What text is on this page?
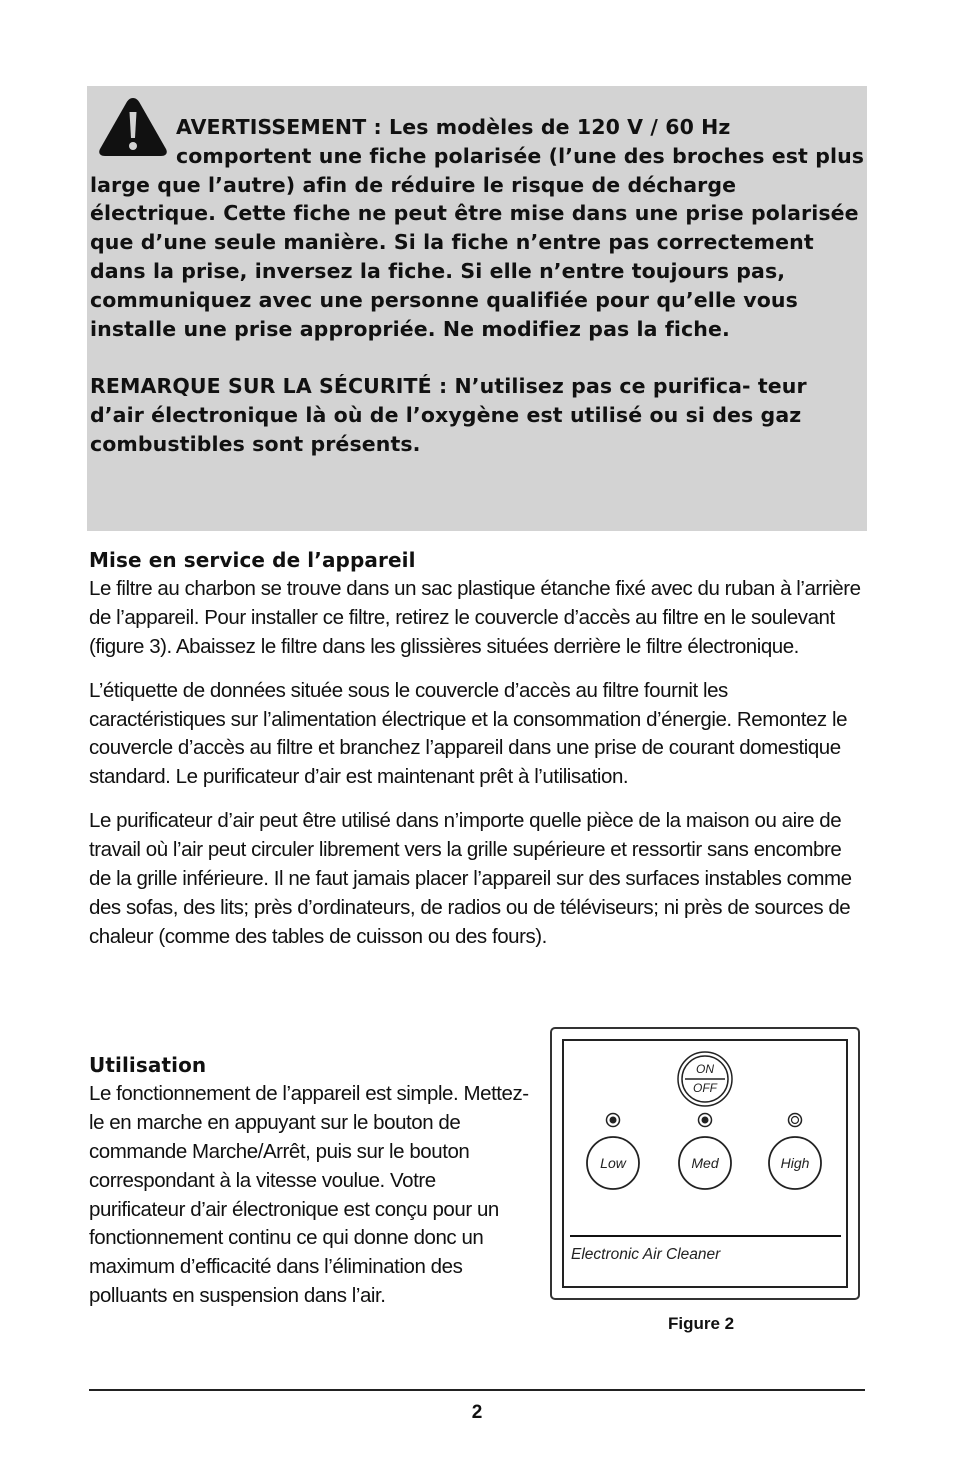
AVERTISSEMENT : Les modèles de 120 V / 60 Hz comportent une fiche polarisée (l’une des broches est plus large que l’autre) afin de réduire le risque de décharge électrique. Cette fiche ne peut être mise dans une prise polarisée que d’une seule manière. Si la fiche n’entre pas correctement dans la prise, inversez la fiche. Si elle n’entre toujours pas, communiquez avec une personne qualifiée pour qu’elle vous installe une prise appropriée. Ne modifiez pas la fiche.

REMARQUE SUR LA SÉCURITÉ : N’utilisez pas ce purifica- teur d’air électronique là où de l’oxygène est utilisé ou si des gaz combustibles sont présents.

Mise en service de l’appareil
Le filtre au charbon se trouve dans un sac plastique étanche fixé avec du ruban à l’arrière de l’appareil. Pour installer ce filtre, retirez le couvercle d’accès au filtre en le soulevant (figure 3). Abaissez le filtre dans les glissières situées derrière le filtre électronique.
L’étiquette de données située sous le couvercle d’accès au filtre fournit les caractéristiques sur l’alimentation électrique et la consommation d’énergie. Remontez le couvercle d’accès au filtre et branchez l’appareil dans une prise de courant domestique standard. Le purificateur d’air est maintenant prêt à l’utilisation.
Le purificateur d’air peut être utilisé dans n’importe quelle pièce de la maison ou aire de travail où l’air peut circuler librement vers la grille supérieure et ressortir sans encombre de la grille inférieure. Il ne faut jamais placer l’appareil sur des surfaces instables comme des sofas, des lits; près d’ordinateurs, de radios ou de téléviseurs; ni près de sources de chaleur (comme des tables de cuisson ou des fours).
Utilisation
Le fonctionnement de l’appareil est simple. Mettez-le en marche en appuyant sur le bouton de commande Marche/Arrêt, puis sur le bouton correspondant à la vitesse voulue. Votre purificateur d’air électronique est conçu pour un fonctionnement continu ce qui donne donc un maximum d’efficacité dans l’élimination des polluants en suspension dans l’air.
ON
OFF
Low	Med	High
Electronic Air Cleaner
Figure 2
2
